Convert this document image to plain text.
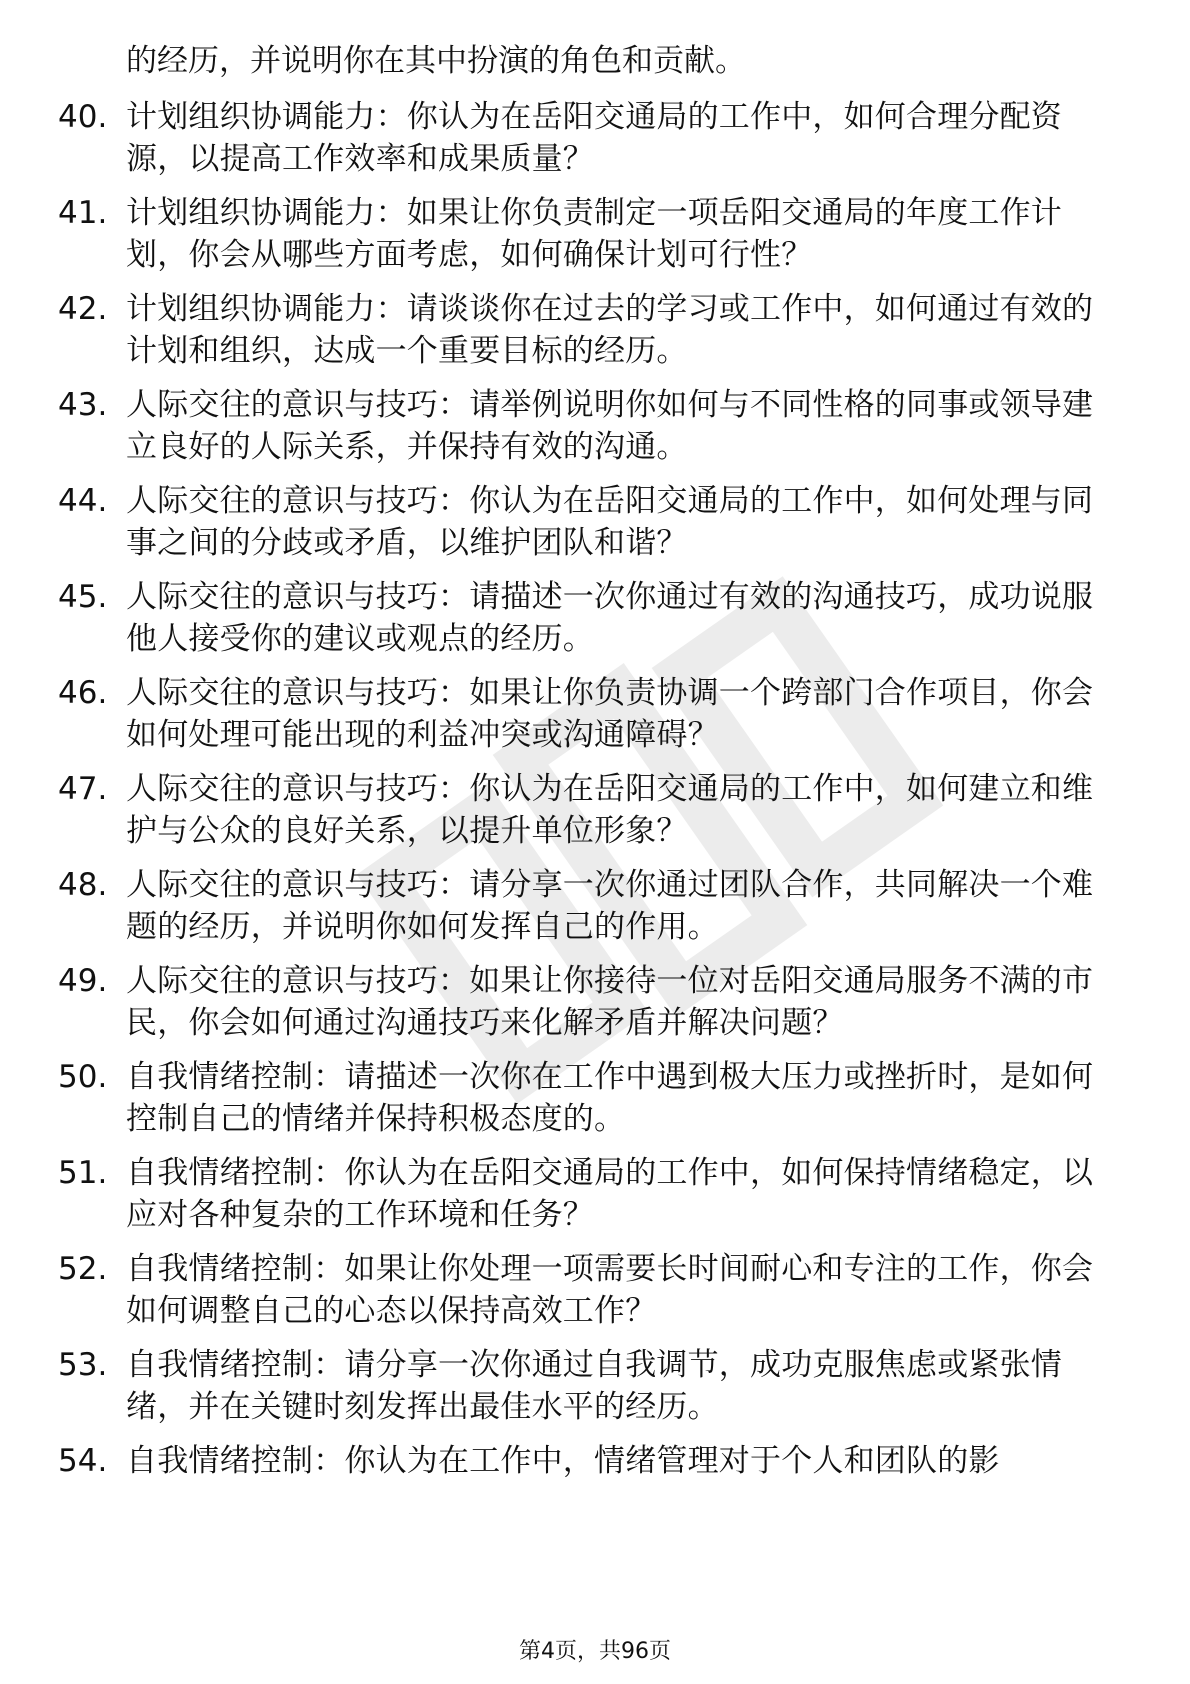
的经历，并说明你在其中扮演的角色和贡献。
40. 计划组织协调能力：你认为在岳阳交通局的工作中，如何合理分配资源，以提高工作效率和成果质量？
41. 计划组织协调能力：如果让你负责制定一项岳阳交通局的年度工作计划，你会从哪些方面考虑，如何确保计划可行性？
42. 计划组织协调能力：请谈谈你在过去的学习或工作中，如何通过有效的计划和组织，达成一个重要目标的经历。
43. 人际交往的意识与技巧：请举例说明你如何与不同性格的同事或领导建立良好的人际关系，并保持有效的沟通。
44. 人际交往的意识与技巧：你认为在岳阳交通局的工作中，如何处理与同事之间的分歧或矛盾，以维护团队和谐？
45. 人际交往的意识与技巧：请描述一次你通过有效的沟通技巧，成功说服他人接受你的建议或观点的经历。
46. 人际交往的意识与技巧：如果让你负责协调一个跨部门合作项目，你会如何处理可能出现的利益冲突或沟通障碍？
47. 人际交往的意识与技巧：你认为在岳阳交通局的工作中，如何建立和维护与公众的良好关系，以提升单位形象？
48. 人际交往的意识与技巧：请分享一次你通过团队合作，共同解决一个难题的经历，并说明你如何发挥自己的作用。
49. 人际交往的意识与技巧：如果让你接待一位对岳阳交通局服务不满的市民，你会如何通过沟通技巧来化解矛盾并解决问题？
50. 自我情绪控制：请描述一次你在工作中遇到极大压力或挫折时，是如何控制自己的情绪并保持积极态度的。
51. 自我情绪控制：你认为在岳阳交通局的工作中，如何保持情绪稳定，以应对各种复杂的工作环境和任务？
52. 自我情绪控制：如果让你处理一项需要长时间耐心和专注的工作，你会如何调整自己的心态以保持高效工作？
53. 自我情绪控制：请分享一次你通过自我调节，成功克服焦虑或紧张情绪，并在关键时刻发挥出最佳水平的经历。
54. 自我情绪控制：你认为在工作中，情绪管理对于个人和团队的影
第4页，共96页
